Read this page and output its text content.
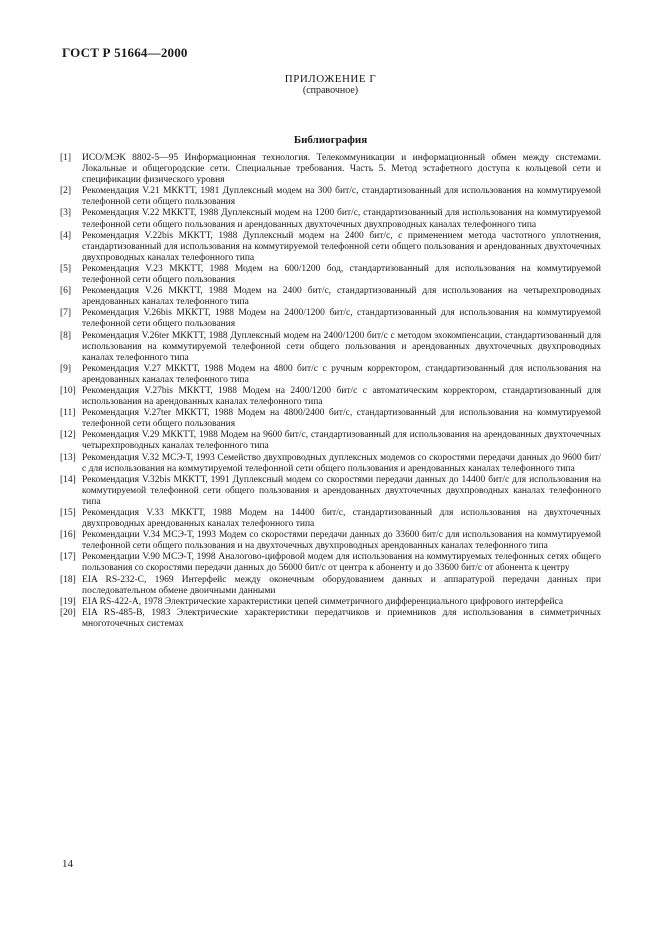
ГОСТ Р 51664—2000
ПРИЛОЖЕНИЕ Г
(справочное)
Библиография
[1]	ИСО/МЭК 8802-5—95 Информационная технология. Телекоммуникации и информационный обмен между системами. Локальные и общегородские сети. Специальные требования. Часть 5. Метод эстафетного доступа к кольцевой сети и спецификации физического уровня
[2]	Рекомендация V.21 МККТТ, 1981 Дуплексный модем на 300 бит/с, стандартизованный для использования на коммутируемой телефонной сети общего пользования
[3]	Рекомендация V.22 МККТТ, 1988 Дуплексный модем на 1200 бит/с, стандартизованный для использования на коммутируемой телефонной сети общего пользования и арендованных двухточечных двухпроводных каналах телефонного типа
[4]	Рекомендация V.22bis МККТТ, 1988 Дуплексный модем на 2400 бит/с, с применением метода частотного уплотнения, стандартизованный для использования на коммутируемой телефонной сети общего пользования и арендованных двухточечных двухпроводных каналах телефонного типа
[5]	Рекомендация V.23 МККТТ, 1988 Модем на 600/1200 бод, стандартизованный для использования на коммутируемой телефонной сети общего пользования
[6]	Рекомендация V.26 МККТТ, 1988 Модем на 2400 бит/с, стандартизованный для использования на четырехпроводных арендованных каналах телефонного типа
[7]	Рекомендация V.26bis МККТТ, 1988 Модем на 2400/1200 бит/с, стандартизованный для использования на коммутируемой телефонной сети общего пользования
[8]	Рекомендация V.26ter МККТТ, 1988 Дуплексный модем на 2400/1200 бит/с с методом эхокомпенсации, стандартизованный для использования на коммутируемой телефонной сети общего пользования и арендованных двухточечных двухпроводных каналах телефонного типа
[9]	Рекомендация V.27 МККТТ, 1988 Модем на 4800 бит/с с ручным корректором, стандартизованный для использования на арендованных каналах телефонного типа
[10] Рекомендация V.27bis МККТТ, 1988 Модем на 2400/1200 бит/с с автоматическим корректором, стандартизованный для использования на арендованных каналах телефонного типа
[11] Рекомендация V.27ter МККТТ, 1988 Модем на 4800/2400 бит/с, стандартизованный для использования на коммутируемой телефонной сети общего пользования
[12] Рекомендация V.29 МККТТ, 1988 Модем на 9600 бит/с, стандартизованный для использования на арендованных двухточечных четырехпроводных каналах телефонного типа
[13] Рекомендация V.32 МСЭ-Т, 1993 Семейство двухпроводных дуплексных модемов со скоростями передачи данных до 9600 бит/с для использования на коммутируемой телефонной сети общего пользования и арендованных каналах телефонного типа
[14] Рекомендация V.32bis МККТТ, 1991 Дуплексный модем со скоростями передачи данных до 14400 бит/с для использования на коммутируемой телефонной сети общего пользования и арендованных двухточечных двухпроводных каналах телефонного типа
[15] Рекомендация V.33 МККТТ, 1988 Модем на 14400 бит/с, стандартизованный для использования на двухточечных двухпроводных арендованных каналах телефонного типа
[16] Рекомендации V.34 МСЭ-Т, 1993 Модем со скоростями передачи данных до 33600 бит/с для использования на коммутируемой телефонной сети общего пользования и на двухточечных двухпроводных арендованных каналах телефонного типа
[17] Рекомендации V.90 МСЭ-Т, 1998 Аналогово-цифровой модем для использования на коммутируемых телефонных сетях общего пользования со скоростями передачи данных до 56000 бит/с от центра к абоненту и до 33600 бит/с от абонента к центру
[18] EIA RS-232-C, 1969 Интерфейс между оконечным оборудованием данных и аппаратурой передачи данных при последовательном обмене двоичными данными
[19] EIA RS-422-A, 1978 Электрические характеристики цепей симметричного дифференциального цифрового интерфейса
[20] EIA RS-485-B, 1983 Электрические характеристики передатчиков и приемников для использования в симметричных многоточечных системах
14
